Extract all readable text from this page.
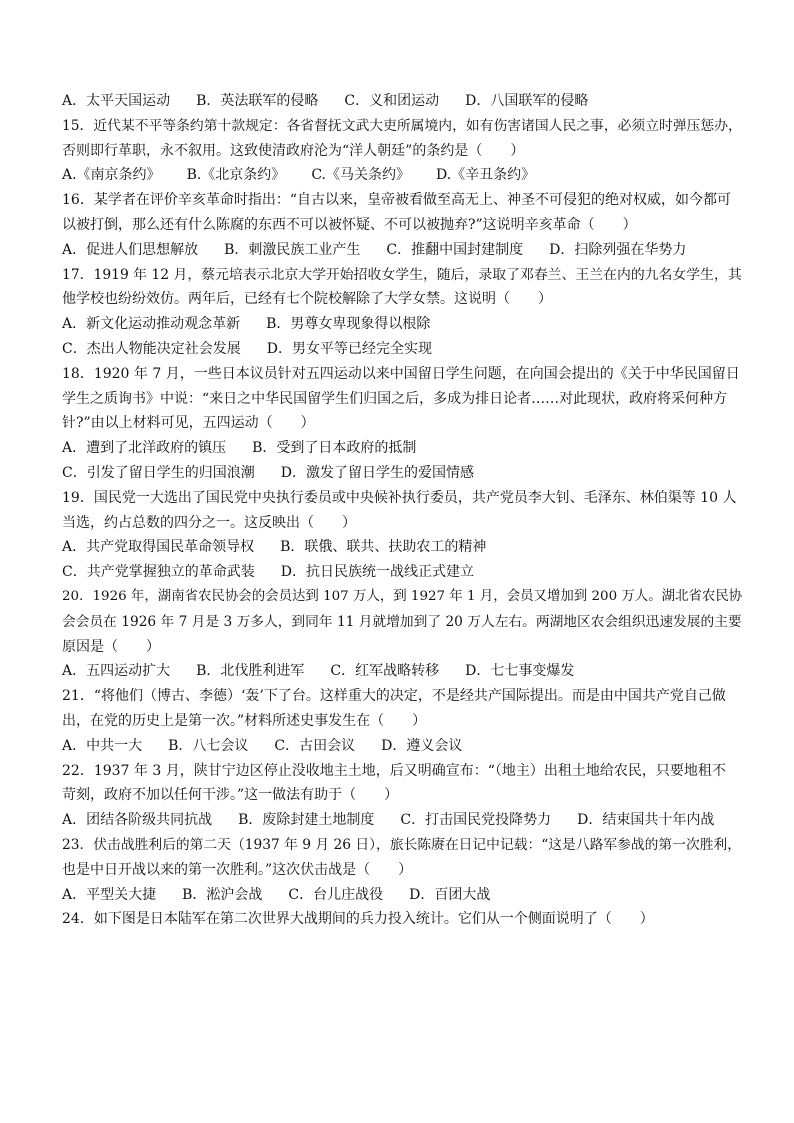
A．太平天国运动 B．英法联军的侵略 C．义和团运动 D．八国联军的侵略
15．近代某不平等条约第十款规定：各省督抚文武大吏所属境内，如有伤害诸国人民之事，必须立时弹压惩办，
否则即行革职，永不叙用。这致使清政府沦为“洋人朝廷”的条约是（　　）
A.《南京条约》 B.《北京条约》 C.《马关条约》 D.《辛丑条约》
16．某学者在评价辛亥革命时指出：“自古以来，皇帝被看做至高无上、神圣不可侵犯的绝对权威，如今都可
以被打倒，那么还有什么陈腐的东西不可以被怀疑、不可以被抛弃?”这说明辛亥革命（　　）
A．促进人们思想解放 B．刺激民族工业产生 C．推翻中国封建制度 D．扫除列强在华势力
17．1919 年 12 月，蔡元培表示北京大学开始招收女学生，随后，录取了邓春兰、王兰在内的九名女学生，其
他学校也纷纷效仿。两年后，已经有七个院校解除了大学女禁。这说明（　　）
A．新文化运动推动观念革新 B．男尊女卑现象得以根除
C．杰出人物能决定社会发展 D．男女平等已经完全实现
18．1920 年 7 月，一些日本议员针对五四运动以来中国留日学生问题，在向国会提出的《关于中华民国留日
学生之质询书》中说：“来日之中华民国留学生们归国之后，多成为排日论者……对此现状，政府将采何种方
针?”由以上材料可见，五四运动（　　）
A．遭到了北洋政府的镇压 B．受到了日本政府的抵制
C．引发了留日学生的归国浪潮 D．激发了留日学生的爱国情感
19．国民党一大选出了国民党中央执行委员或中央候补执行委员，共产党员李大钊、毛泽东、林伯渠等 10 人
当选，约占总数的四分之一。这反映出（　　）
A．共产党取得国民革命领导权 B．联俄、联共、扶助农工的精神
C．共产党掌握独立的革命武装 D．抗日民族统一战线正式建立
20．1926 年，湖南省农民协会的会员达到 107 万人，到 1927 年 1 月，会员又增加到 200 万人。湖北省农民协
会会员在 1926 年 7 月是 3 万多人，到同年 11 月就增加到了 20 万人左右。两湖地区农会组织迅速发展的主要
原因是（　　）
A．五四运动扩大 B．北伐胜利进军 C．红军战略转移 D．七七事变爆发
21．“将他们（博古、李德）‘轰’下了台。这样重大的决定，不是经共产国际提出。而是由中国共产党自己做
出，在党的历史上是第一次。”材料所述史事发生在（　　）
A．中共一大 B．八七会议 C．古田会议 D．遵义会议
22．1937 年 3 月，陕甘宁边区停止没收地主土地，后又明确宣布：“（地主）出租土地给农民，只要地租不
苛刻，政府不加以任何干涉。”这一做法有助于（　　）
A．团结各阶级共同抗战 B．废除封建土地制度 C．打击国民党投降势力 D．结束国共十年内战
23．伏击战胜利后的第二天（1937 年 9 月 26 日），旅长陈赓在日记中记载：“这是八路军参战的第一次胜利，
也是中日开战以来的第一次胜利。”这次伏击战是（　　）
A．平型关大捷 B．淞沪会战 C．台儿庄战役 D．百团大战
24．如下图是日本陆军在第二次世界大战期间的兵力投入统计。它们从一个侧面说明了（　　）
